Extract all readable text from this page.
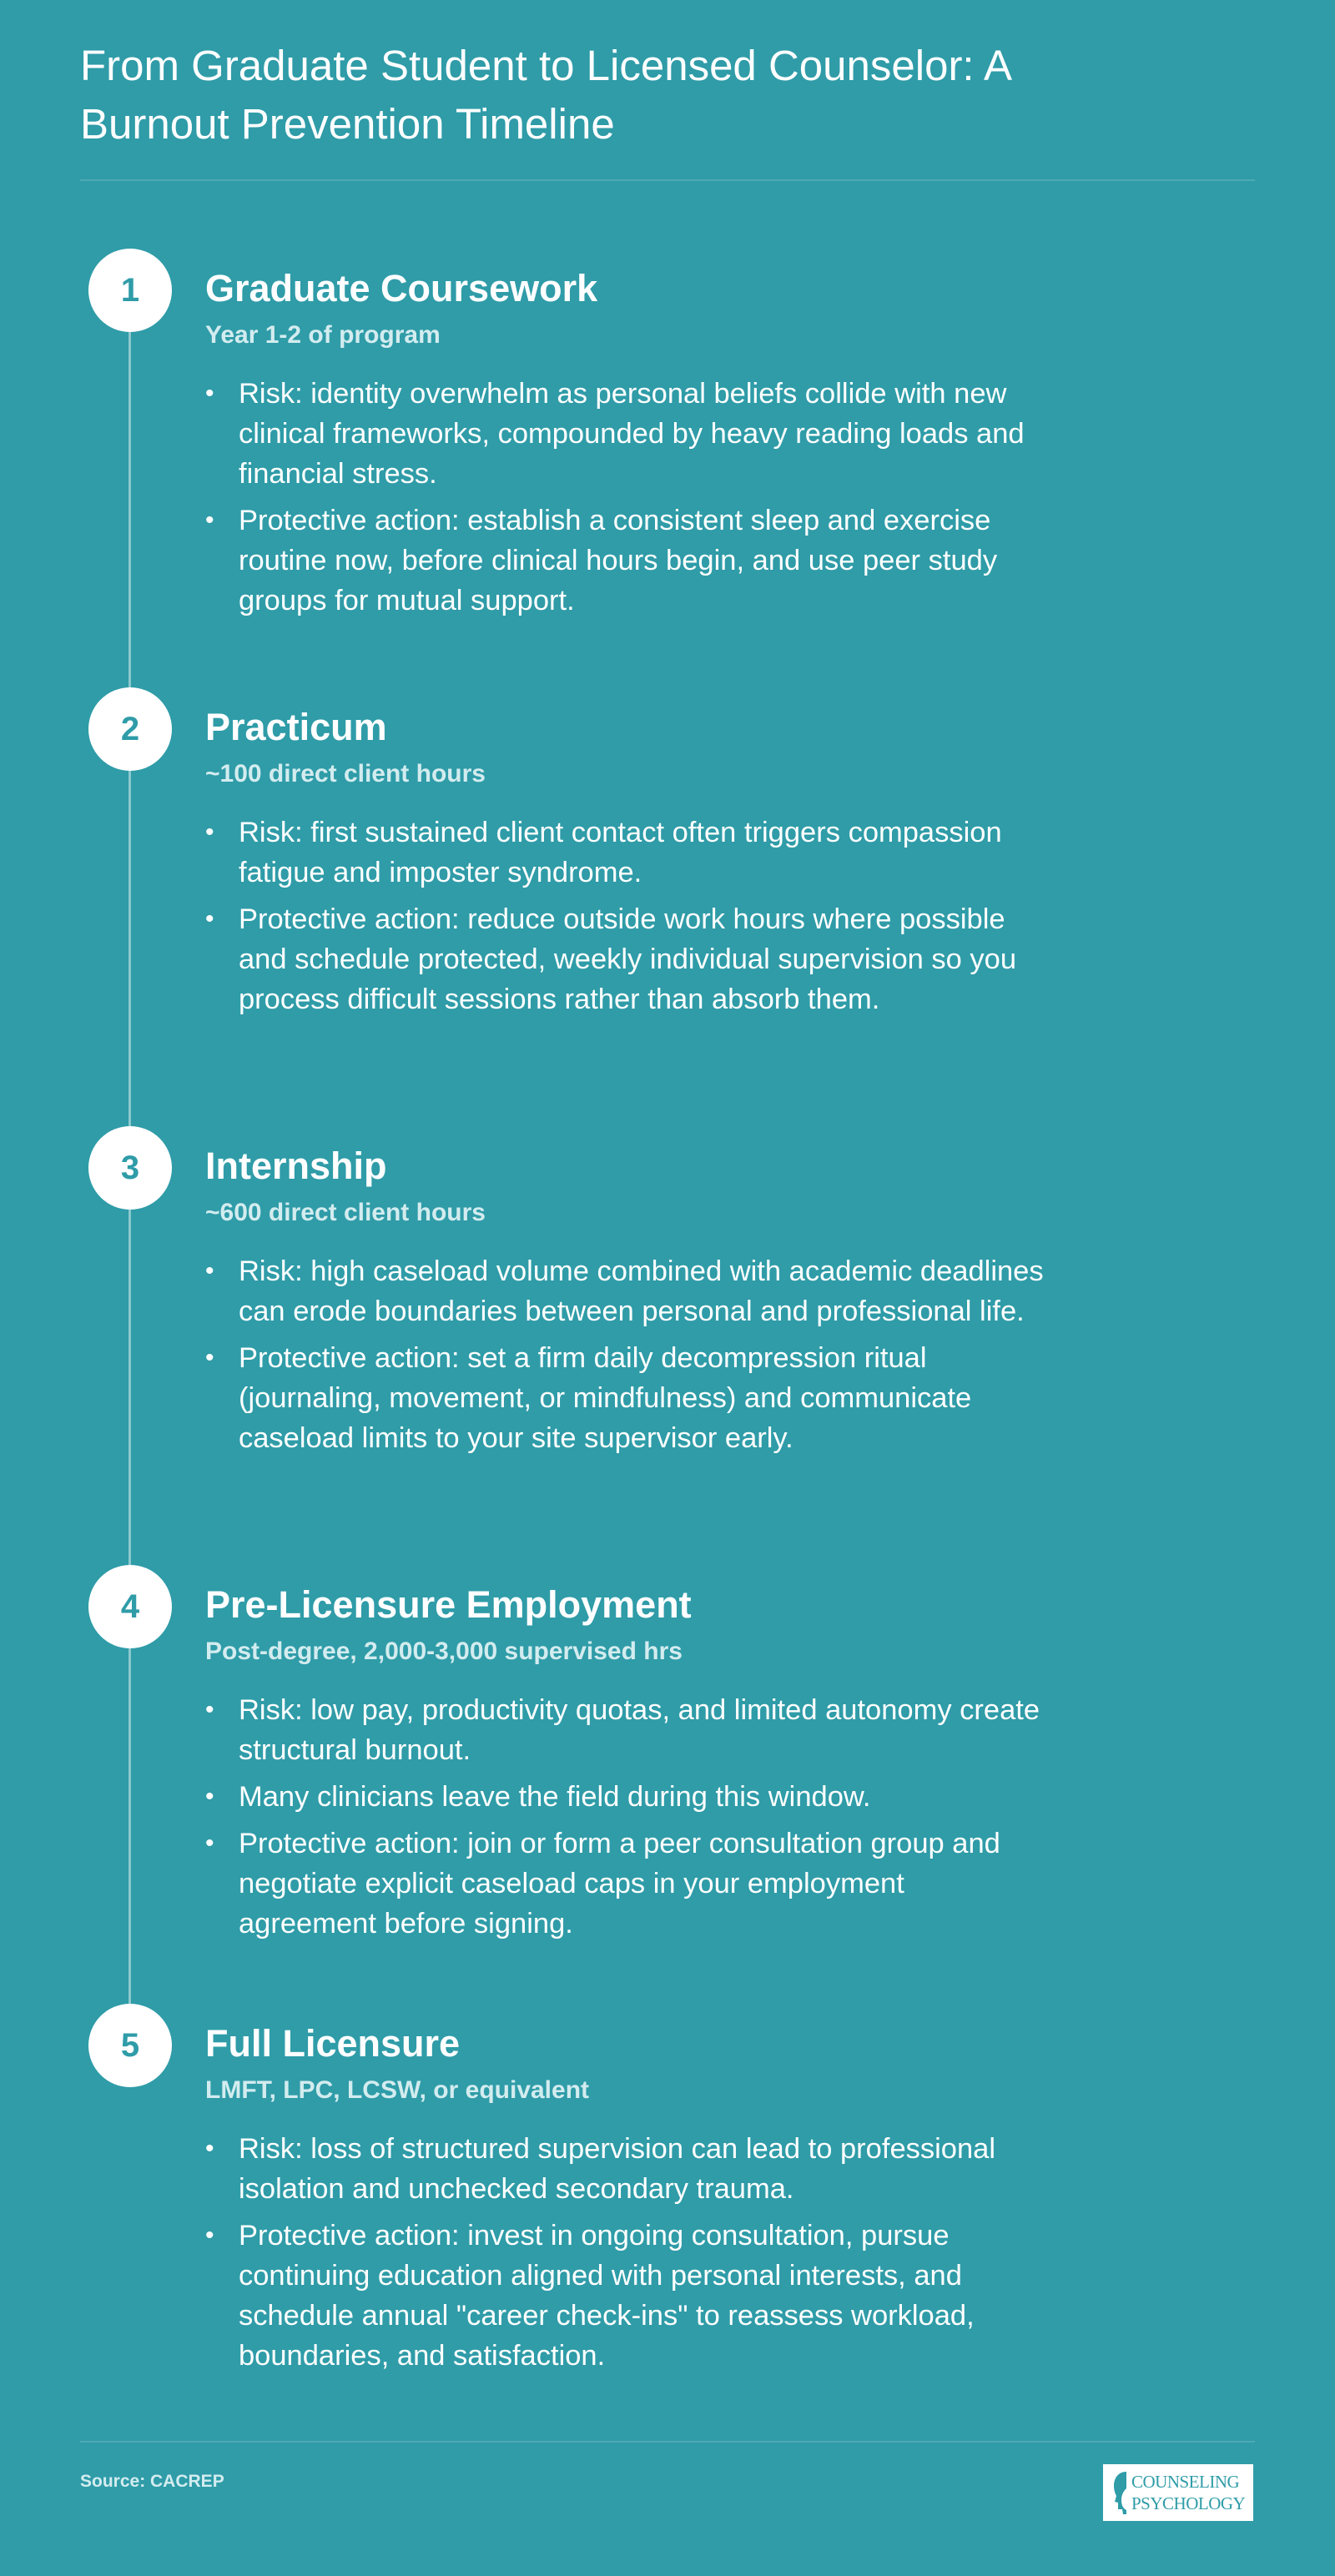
From Graduate Student to Licensed Counselor: A Burnout Prevention Timeline
1	Graduate Coursework
Year 1-2 of program
• Risk: identity overwhelm as personal beliefs collide with new clinical frameworks, compounded by heavy reading loads and financial stress.
• Protective action: establish a consistent sleep and exercise routine now, before clinical hours begin, and use peer study groups for mutual support.
2	Practicum
~100 direct client hours
• Risk: first sustained client contact often triggers compassion fatigue and imposter syndrome.
• Protective action: reduce outside work hours where possible and schedule protected, weekly individual supervision so you process difficult sessions rather than absorb them.
3	Internship
~600 direct client hours
• Risk: high caseload volume combined with academic deadlines can erode boundaries between personal and professional life.
• Protective action: set a firm daily decompression ritual (journaling, movement, or mindfulness) and communicate caseload limits to your site supervisor early.
4	Pre-Licensure Employment
Post-degree, 2,000-3,000 supervised hrs
• Risk: low pay, productivity quotas, and limited autonomy create structural burnout.
• Many clinicians leave the field during this window.
• Protective action: join or form a peer consultation group and negotiate explicit caseload caps in your employment agreement before signing.
5	Full Licensure
LMFT, LPC, LCSW, or equivalent
• Risk: loss of structured supervision can lead to professional isolation and unchecked secondary trauma.
• Protective action: invest in ongoing consultation, pursue continuing education aligned with personal interests, and schedule annual "career check-ins" to reassess workload, boundaries, and satisfaction.
Source: CACREP	COUNSELING
PSYCHOLOGY
